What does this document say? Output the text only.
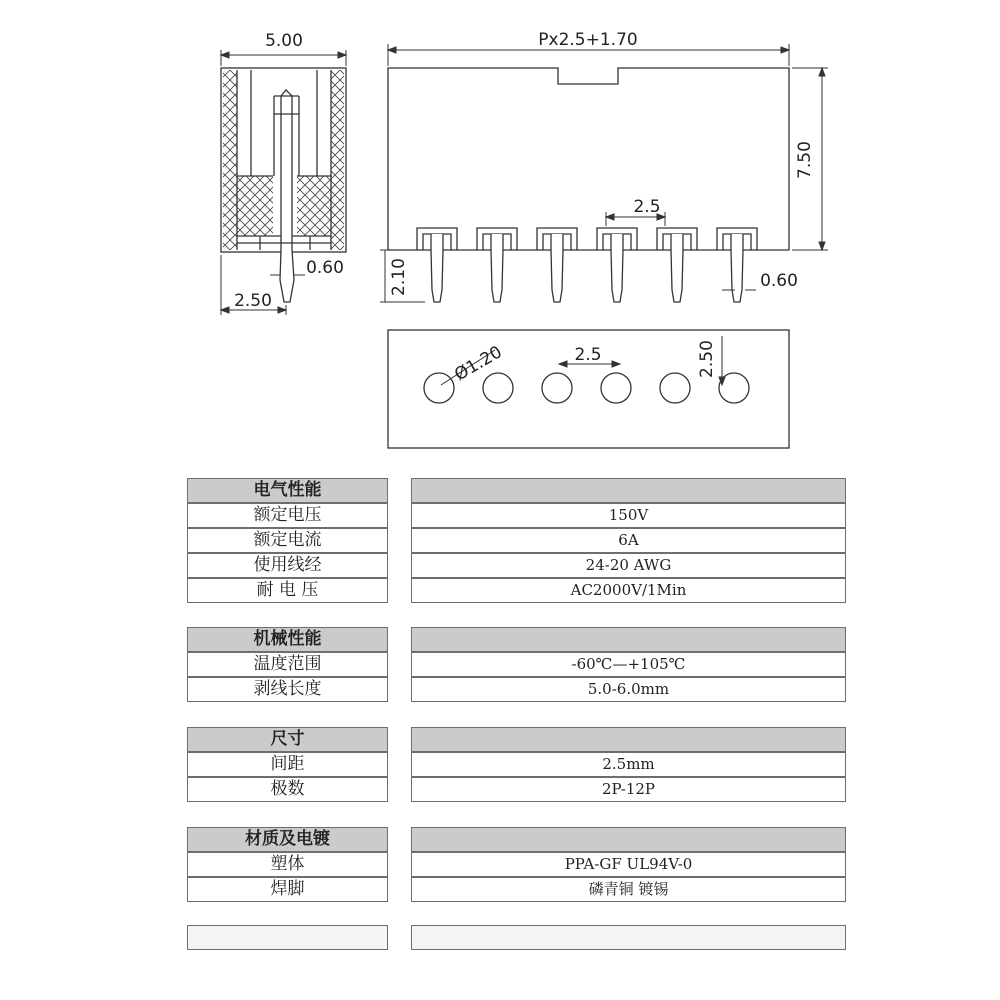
5.00	Px2.5+1.70
7.50
2.5
0.60
0.60
2.10
2.50
Ø1.20	2.5	2.50
电气性能
额定电压	150V
额定电流	6A
使用线经	24-20 AWG
耐 电 压	AC2000V/1Min
机械性能
温度范围	-60℃—+105℃
剥线长度	5.0-6.0mm
尺寸
间距	2.5mm
极数	2P-12P
材质及电镀
塑体	PPA-GF UL94V-0
焊脚	磷青铜 镀锡
